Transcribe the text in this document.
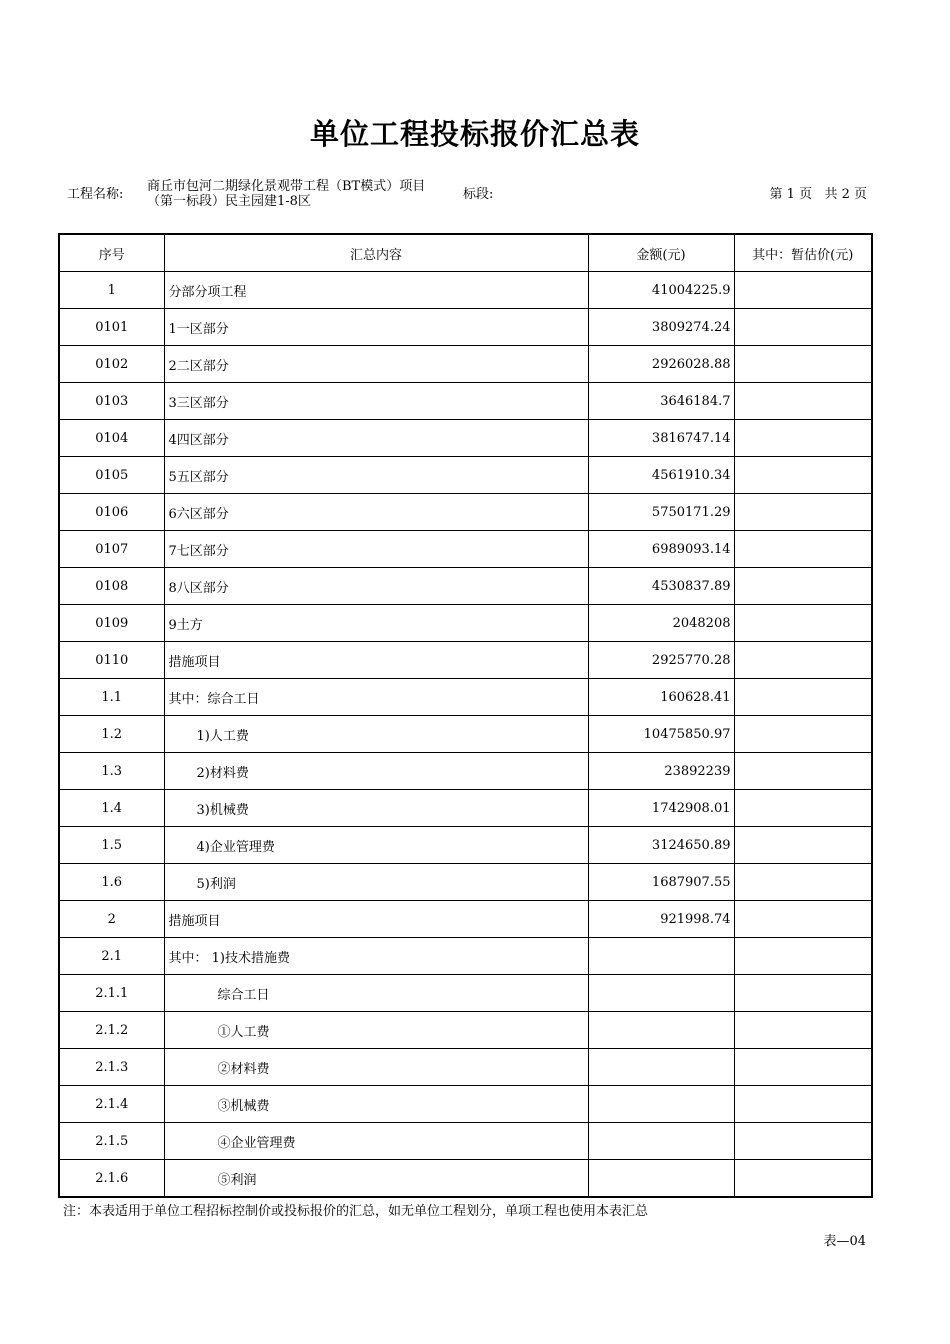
单位工程投标报价汇总表
工程名称:
商丘市包河二期绿化景观带工程（BT模式）项目（第一标段）民主园建1-8区	标段:	第 1 页   共 2 页
序号	汇总内容	金额(元)	其中：暂估价(元)
1	分部分项工程	41004225.9	
0101	1一区部分	3809274.24	
0102	2二区部分	2926028.88	
0103	3三区部分	3646184.7	
0104	4四区部分	3816747.14	
0105	5五区部分	4561910.34	
0106	6六区部分	5750171.29	
0107	7七区部分	6989093.14	
0108	8八区部分	4530837.89	
0109	9土方	2048208	
0110	措施项目	2925770.28	
1.1	其中：综合工日	160628.41	
1.2	1)人工费	10475850.97	
1.3	2)材料费	23892239	
1.4	3)机械费	1742908.01	
1.5	4)企业管理费	3124650.89	
1.6	5)利润	1687907.55	
2	措施项目	921998.74	
2.1	其中： 1)技术措施费		
2.1.1	综合工日		
2.1.2	①人工费		
2.1.3	②材料费		
2.1.4	③机械费		
2.1.5	④企业管理费		
2.1.6	⑤利润		
注：本表适用于单位工程招标控制价或投标报价的汇总，如无单位工程划分，单项工程也使用本表汇总
表—04
